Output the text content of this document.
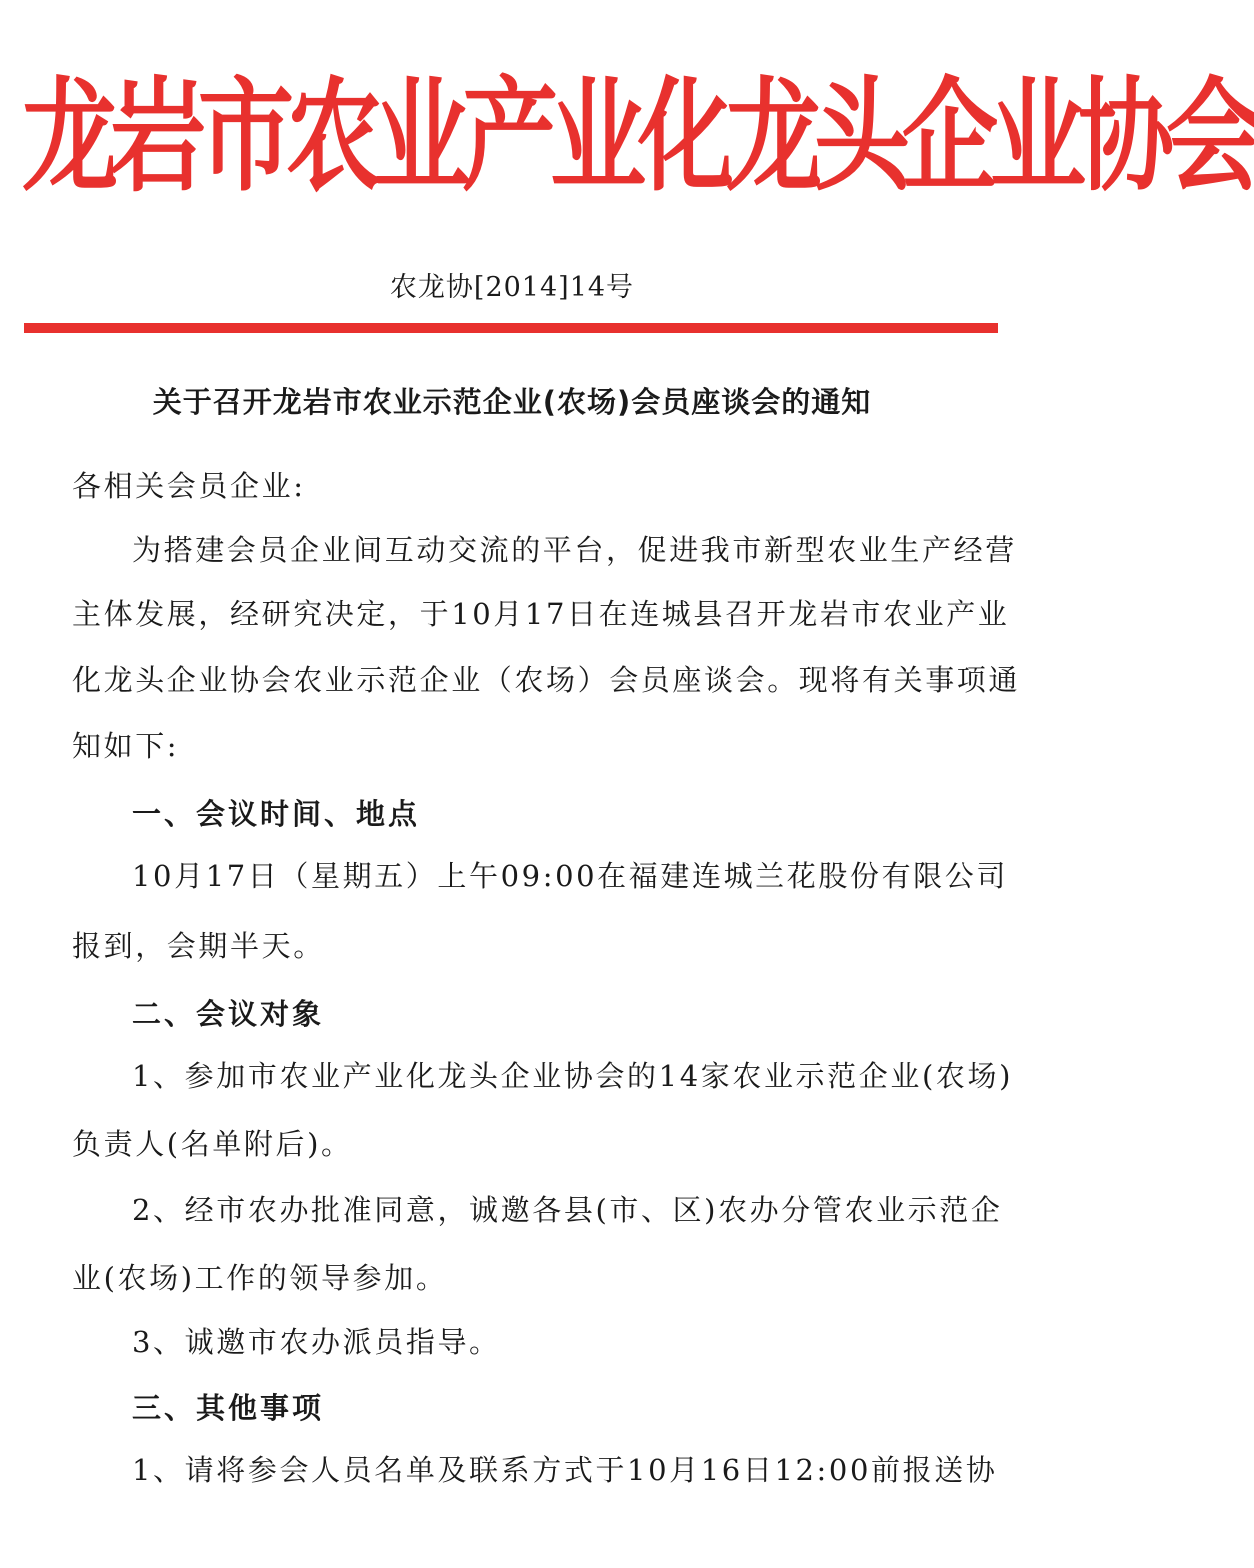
龙岩市农业产业化龙头企业协会

农龙协[2014]14号

关于召开龙岩市农业示范企业(农场)会员座谈会的通知

各相关会员企业:

为搭建会员企业间互动交流的平台，促进我市新型农业生产经营

主体发展，经研究决定，于10月17日在连城县召开龙岩市农业产业

化龙头企业协会农业示范企业（农场）会员座谈会。现将有关事项通

知如下:

一、会议时间、地点

10月17日（星期五）上午09:00在福建连城兰花股份有限公司

报到，会期半天。

二、会议对象

1、参加市农业产业化龙头企业协会的14家农业示范企业(农场)

负责人(名单附后)。

2、经市农办批准同意，诚邀各县(市、区)农办分管农业示范企

业(农场)工作的领导参加。

3、诚邀市农办派员指导。

三、其他事项

1、请将参会人员名单及联系方式于10月16日12:00前报送协
